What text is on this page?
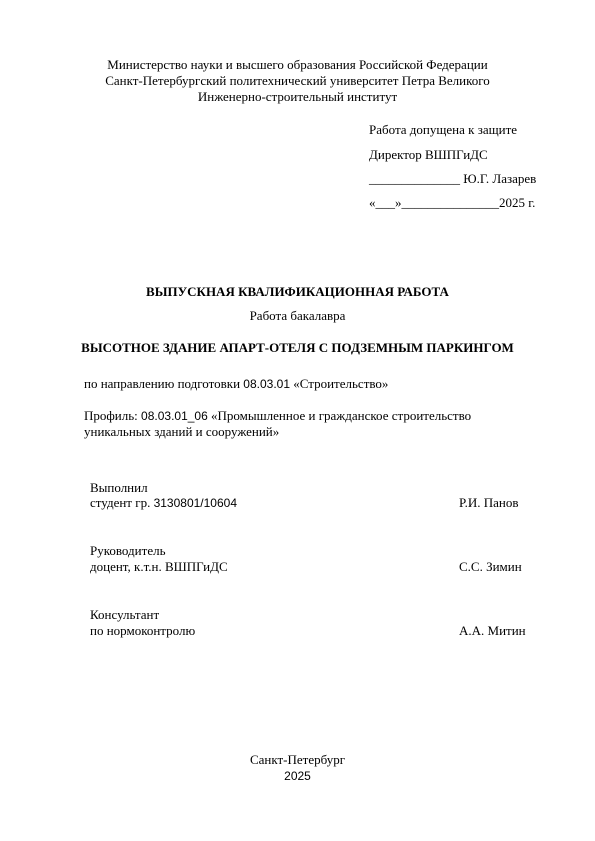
Министерство науки и высшего образования Российской Федерации
Санкт-Петербургский политехнический университет Петра Великого
Инженерно-строительный институт
Работа допущена к защите
Директор ВШПГиДС
______________ Ю.Г. Лазарев
«___»_______________2025 г.
ВЫПУСКНАЯ КВАЛИФИКАЦИОННАЯ РАБОТА
Работа бакалавра
ВЫСОТНОЕ ЗДАНИЕ АПАРТ-ОТЕЛЯ С ПОДЗЕМНЫМ ПАРКИНГОМ
по направлению подготовки 08.03.01 «Строительство»
Профиль: 08.03.01_06 «Промышленное и гражданское строительство
уникальных зданий и сооружений»
Выполнил
студент гр. 3130801/10604	Р.И. Панов
Руководитель
доцент, к.т.н. ВШПГиДС	С.С. Зимин
Консультант
по нормоконтролю	А.А. Митин
Санкт-Петербург
2025
